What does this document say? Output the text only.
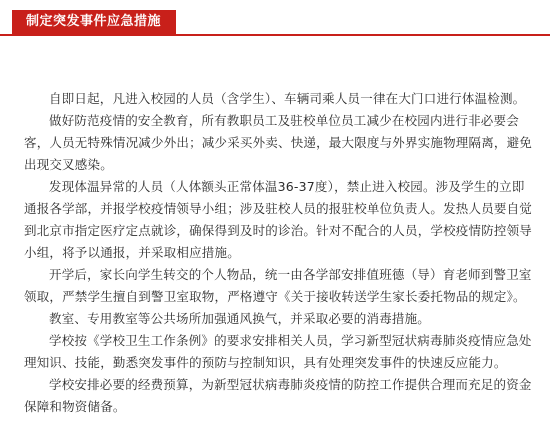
制定突发事件应急措施

自即日起，凡进入校园的人员（含学生）、车辆司乘人员一律在大门口进行体温检测。

做好防范疫情的安全教育，所有教职员工及驻校单位员工减少在校园内进行非必要会客，人员无特殊情况减少外出；减少采买外卖、快递，最大限度与外界实施物理隔离，避免出现交叉感染。

发现体温异常的人员（人体额头正常体温36-37度），禁止进入校园。涉及学生的立即通报各学部，并报学校疫情领导小组；涉及驻校人员的报驻校单位负责人。发热人员要自觉到北京市指定医疗定点就诊，确保得到及时的诊治。针对不配合的人员，学校疫情防控领导小组，将予以通报，并采取相应措施。

开学后，家长向学生转交的个人物品，统一由各学部安排值班德（导）育老师到警卫室领取，严禁学生擅自到警卫室取物，严格遵守《关于接收转送学生家长委托物品的规定》。

教室、专用教室等公共场所加强通风换气，并采取必要的消毒措施。

学校按《学校卫生工作条例》的要求安排相关人员，学习新型冠状病毒肺炎疫情应急处理知识、技能，勤悉突发事件的预防与控制知识，具有处理突发事件的快速反应能力。

学校安排必要的经费预算，为新型冠状病毒肺炎疫情的防控工作提供合理而充足的资金保障和物资储备。
